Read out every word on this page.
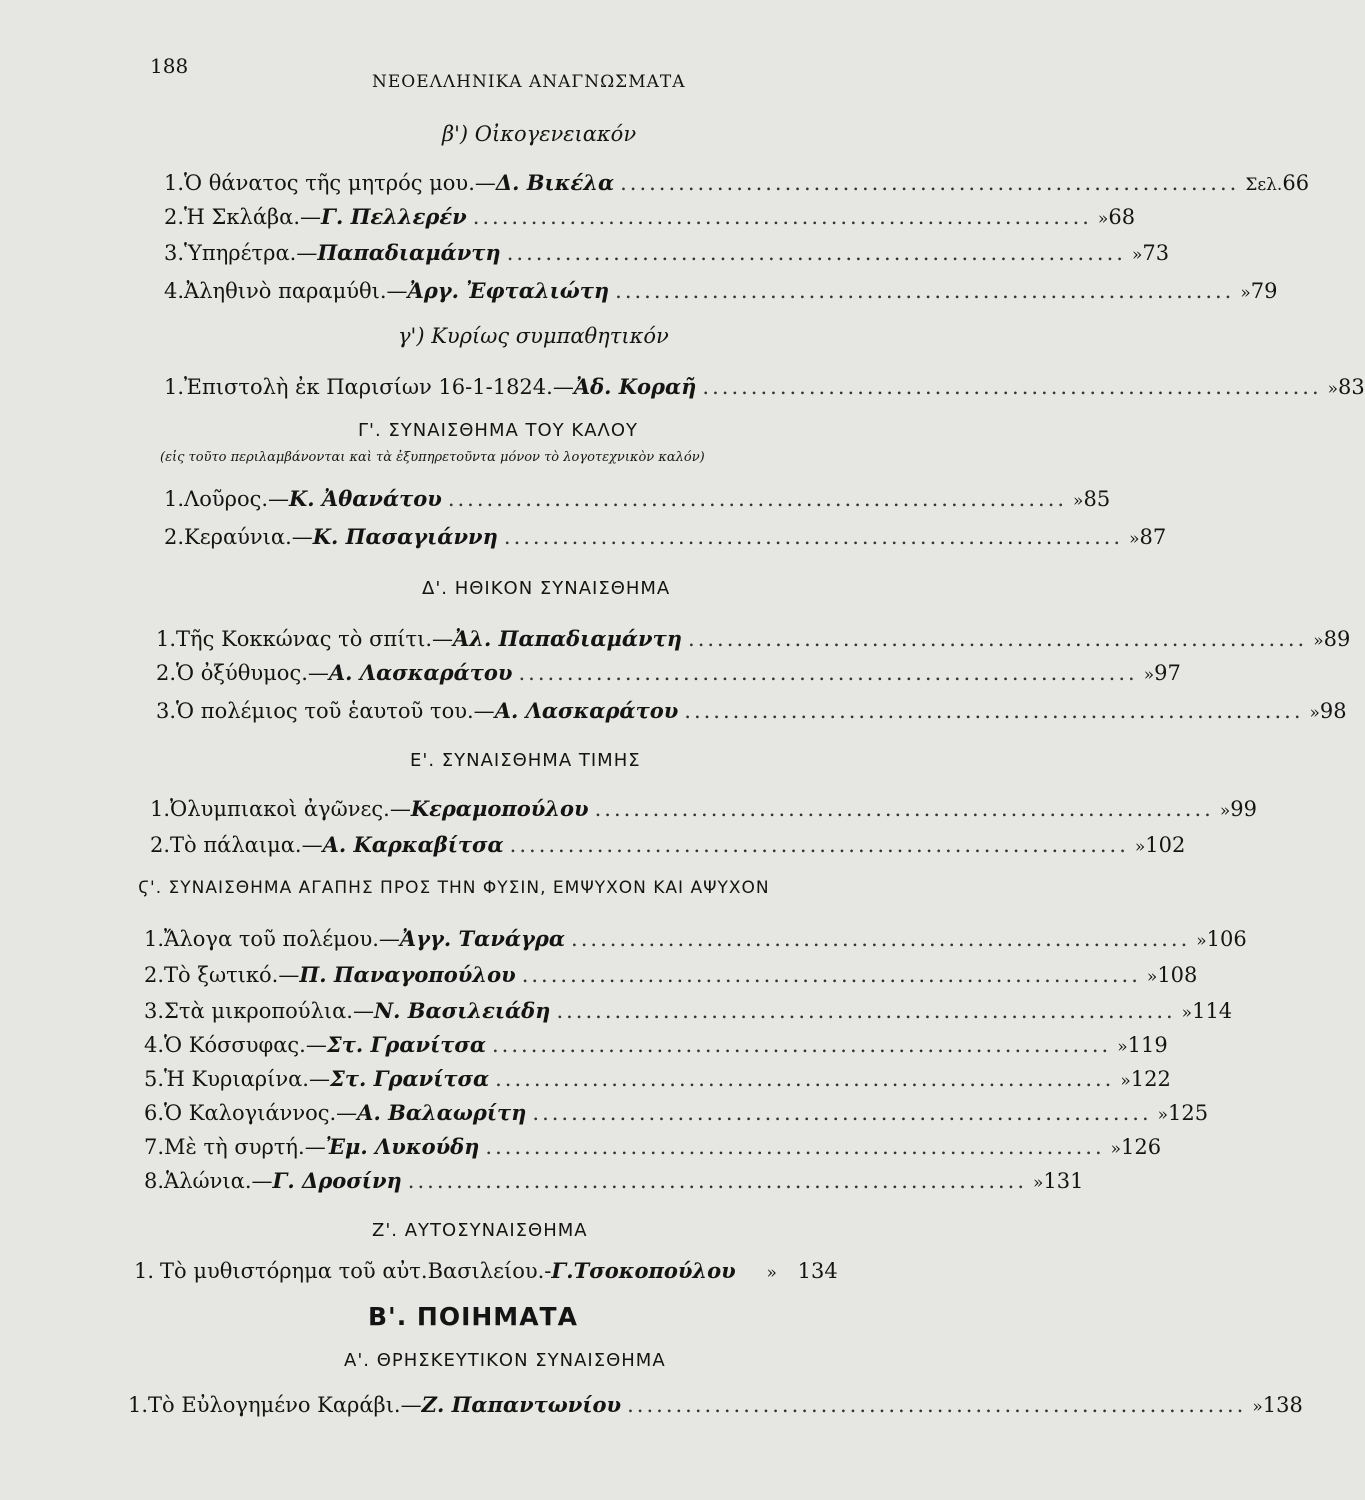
188
ΝΕΟΕΛΛΗΝΙΚΑ ΑΝΑΓΝΩΣΜΑΤΑ
β') Οἰκογενειακόν
1. Ὁ θάνατος τῆς μητρός μου.— Δ. Βικέλα ................................................................ Σελ. 66
2. Ἡ Σκλάβα.— Γ. Πελλερέν ................................................................ » 68
3. Ὑπηρέτρα.— Παπαδιαμάντη ................................................................ » 73
4. Ἀληθινὸ παραμύθι.— Ἀργ. Ἐφταλιώτη ................................................................ » 79
γ') Κυρίως συμπαθητικόν
1. Ἐπιστολὴ ἐκ Παρισίων 16-1-1824.— Ἀδ. Κοραῆ ................................................................ » 83
Γ'. ΣΥΝΑΙΣΘΗΜΑ ΤΟΥ ΚΑΛΟΥ
(εἰς τοῦτο περιλαμβάνονται καὶ τὰ ἐξυπηρετοῦντα μόνον τὸ λογοτεχνικὸν καλόν)
1. Λοῦρος.— Κ. Ἀθανάτου ................................................................ » 85
2. Κεραύνια.— Κ. Πασαγιάννη ................................................................ » 87
Δ'. ΗΘΙΚΟΝ ΣΥΝΑΙΣΘΗΜΑ
1. Τῆς Κοκκώνας τὸ σπίτι.— Ἀλ. Παπαδιαμάντη ................................................................ » 89
2. Ὁ ὀξύθυμος.— Α. Λασκαράτου ................................................................ » 97
3. Ὁ πολέμιος τοῦ ἑαυτοῦ του.— Α. Λασκαράτου ................................................................ » 98
Ε'. ΣΥΝΑΙΣΘΗΜΑ ΤΙΜΗΣ
1. Ὀλυμπιακοὶ ἀγῶνες.— Κεραμοπούλου ................................................................ » 99
2. Τὸ πάλαιμα.— Α. Καρκαβίτσα ................................................................ » 102
Ϛ'. ΣΥΝΑΙΣΘΗΜΑ ΑΓΑΠΗΣ ΠΡΟΣ ΤΗΝ ΦΥΣΙΝ, ΕΜΨΥΧΟΝ ΚΑΙ ΑΨΥΧΟΝ
1. Ἄλογα τοῦ πολέμου.— Ἀγγ. Τανάγρα ................................................................ » 106
2. Τὸ ξωτικό.— Π. Παναγοπούλου ................................................................ » 108
3. Στὰ μικροπούλια.— Ν. Βασιλειάδη ................................................................ » 114
4. Ὁ Κόσσυφας.— Στ. Γρανίτσα ................................................................ » 119
5. Ἡ Κυριαρίνα.— Στ. Γρανίτσα ................................................................ » 122
6. Ὁ Καλογιάννος.— Α. Βαλαωρίτη ................................................................ » 125
7. Μὲ τὴ συρτή.— Ἐμ. Λυκούδη ................................................................ » 126
8. Ἁλώνια.— Γ. Δροσίνη ................................................................ » 131
Ζ'. ΑΥΤΟΣΥΝΑΙΣΘΗΜΑ
1. Τὸ μυθιστόρημα τοῦ αὐτ.Βασιλείου.- Γ.Τσοκοπούλου	» 134
Β'. ΠΟΙΗΜΑΤΑ
Α'. ΘΡΗΣΚΕΥΤΙΚΟΝ ΣΥΝΑΙΣΘΗΜΑ
1. Τὸ Εὐλογημένο Καράβι.— Ζ. Παπαντωνίου ................................................................ » 138
